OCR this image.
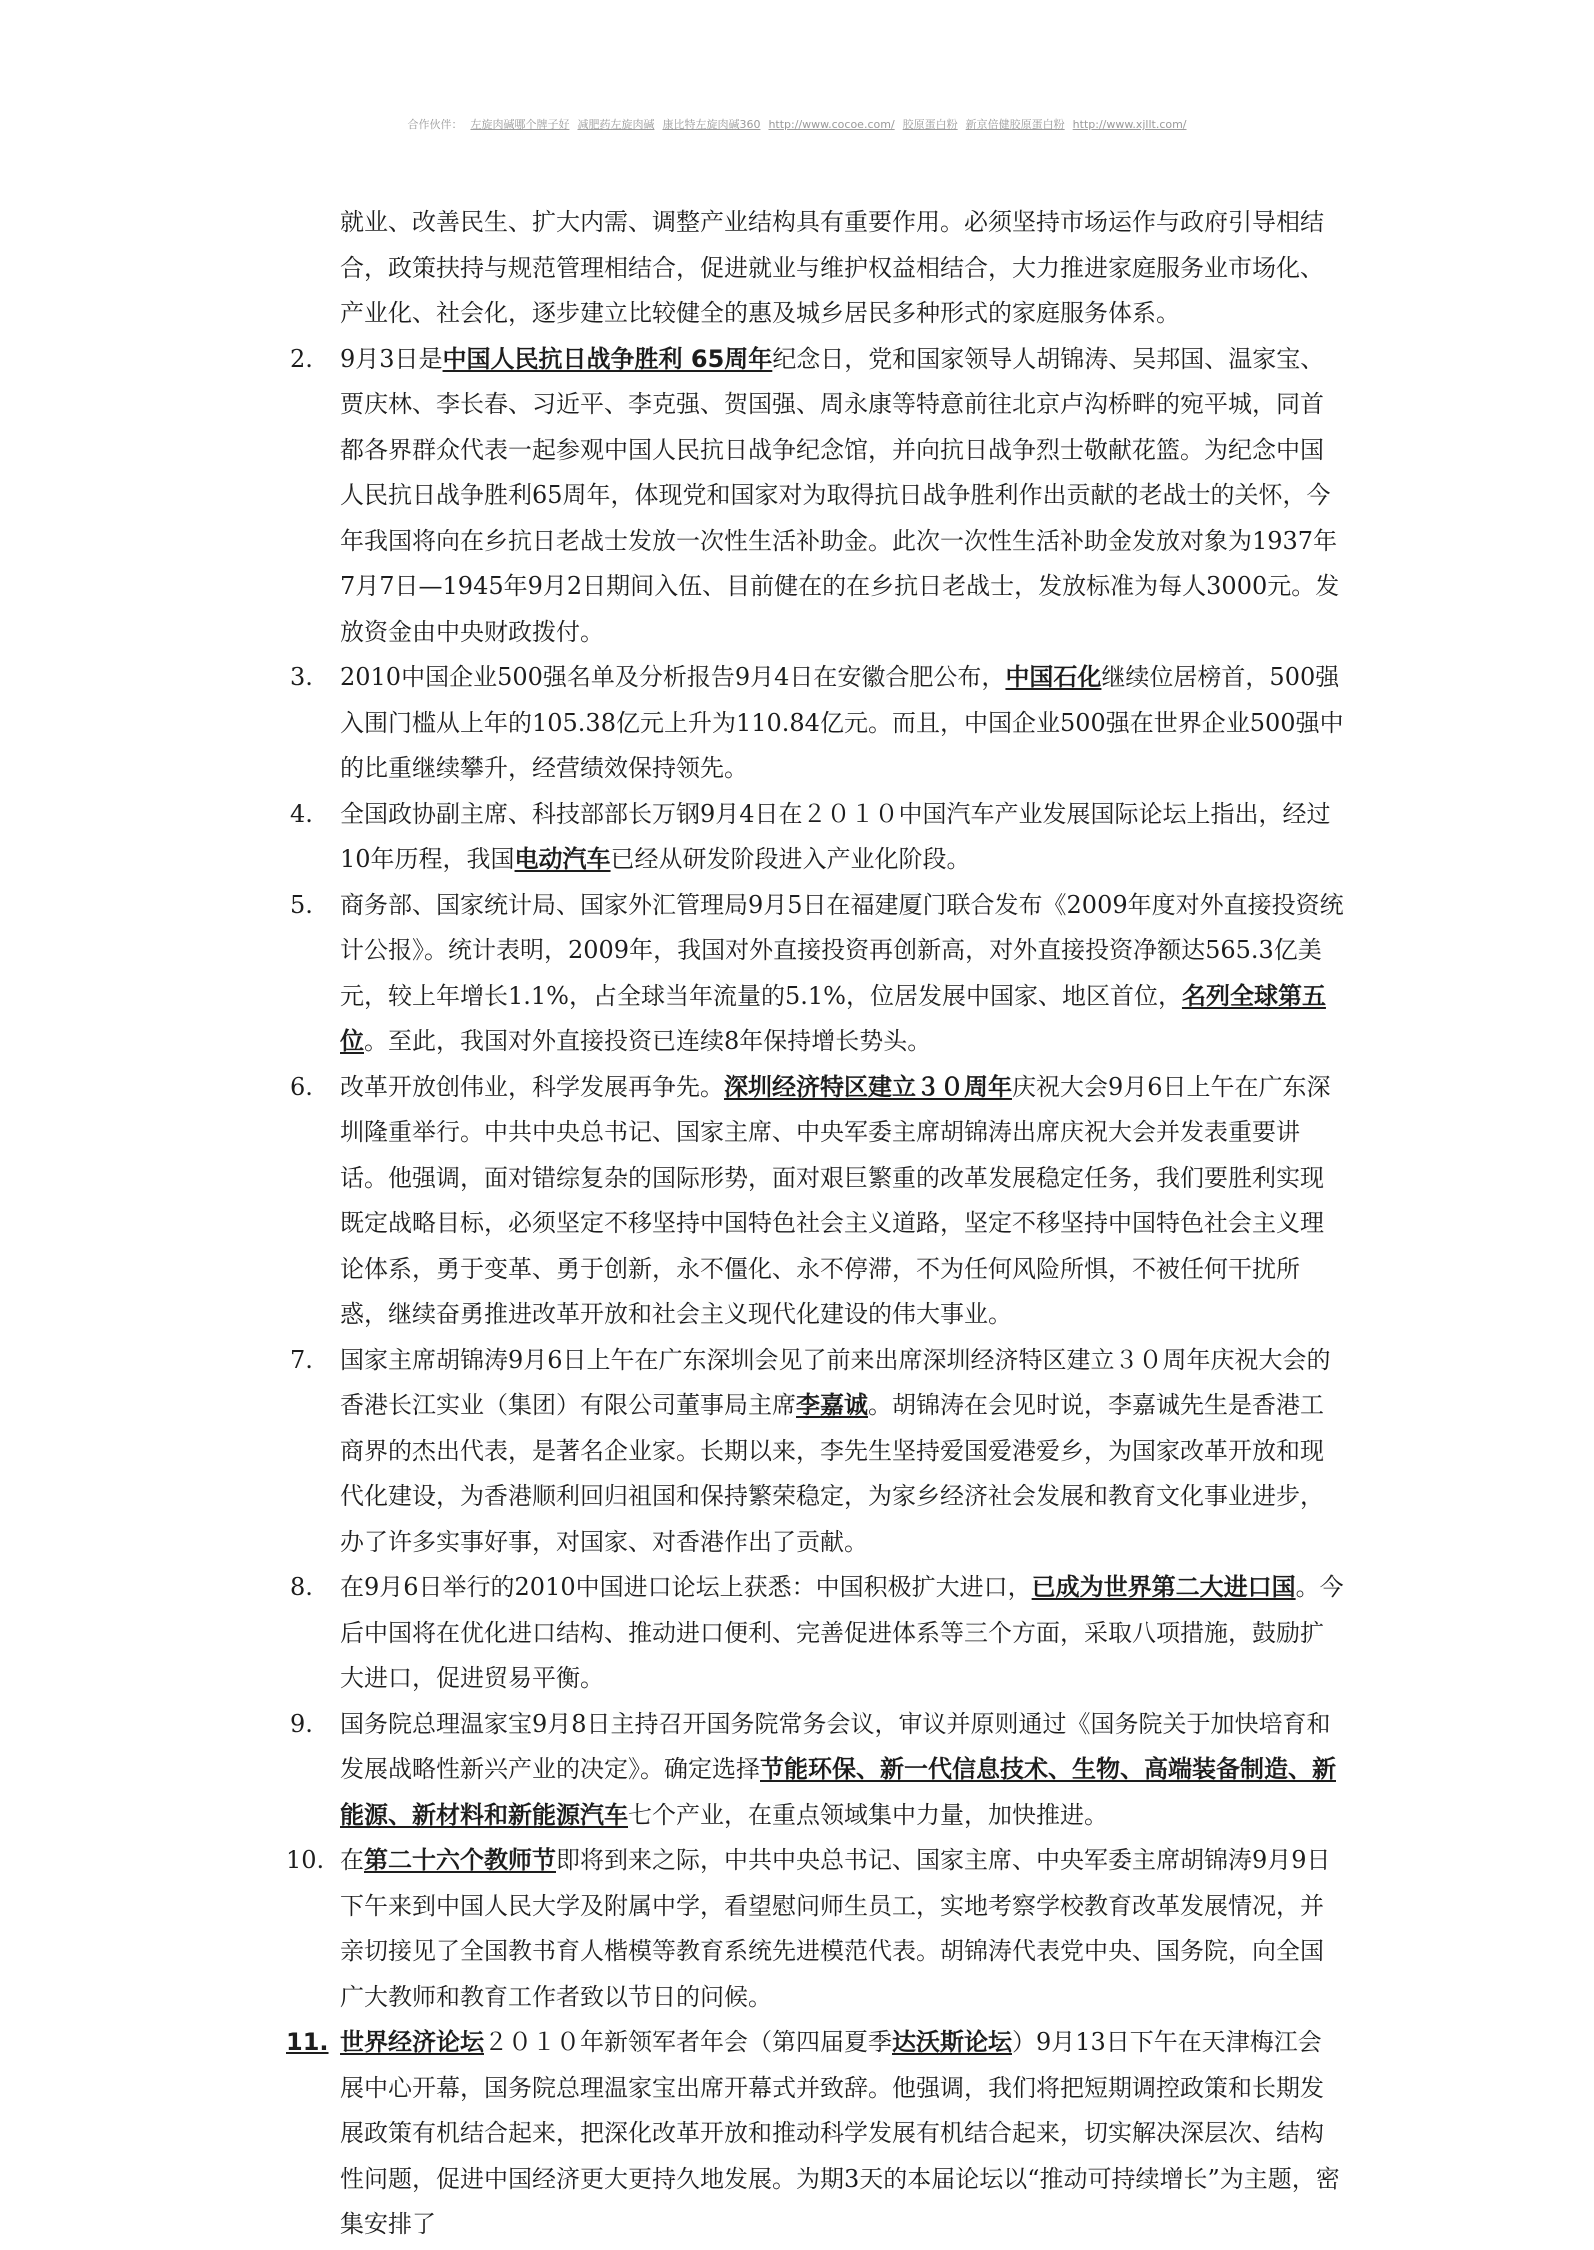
合作伙伴： 左旋肉碱哪个牌子好 减肥药左旋肉碱 康比特左旋肉碱360 http://www.cocoe.com/ 胶原蛋白粉 新京倍健胶原蛋白粉 http://www.xjllt.com/

就业、改善民生、扩大内需、调整产业结构具有重要作用。必须坚持市场运作与政府引导相结合，政策扶持与规范管理相结合，促进就业与维护权益相结合，大力推进家庭服务业市场化、产业化、社会化，逐步建立比较健全的惠及城乡居民多种形式的家庭服务体系。

2. 9月3日是中国人民抗日战争胜利 65周年纪念日，党和国家领导人胡锦涛、吴邦国、温家宝、贾庆林、李长春、习近平、李克强、贺国强、周永康等特意前往北京卢沟桥畔的宛平城，同首都各界群众代表一起参观中国人民抗日战争纪念馆，并向抗日战争烈士敬献花篮。为纪念中国人民抗日战争胜利65周年，体现党和国家对为取得抗日战争胜利作出贡献的老战士的关怀，今年我国将向在乡抗日老战士发放一次性生活补助金。此次一次性生活补助金发放对象为1937年7月7日—1945年9月2日期间入伍、目前健在的在乡抗日老战士，发放标准为每人3000元。发放资金由中央财政拨付。

3. 2010中国企业500强名单及分析报告9月4日在安徽合肥公布，中国石化继续位居榜首，500强入围门槛从上年的105.38亿元上升为110.84亿元。而且，中国企业500强在世界企业500强中的比重继续攀升，经营绩效保持领先。

4. 全国政协副主席、科技部部长万钢9月4日在２０１０中国汽车产业发展国际论坛上指出，经过10年历程，我国电动汽车已经从研发阶段进入产业化阶段。

5. 商务部、国家统计局、国家外汇管理局9月5日在福建厦门联合发布《2009年度对外直接投资统计公报》。统计表明，2009年，我国对外直接投资再创新高，对外直接投资净额达565.3亿美元，较上年增长1.1%，占全球当年流量的5.1%，位居发展中国家、地区首位，名列全球第五位。至此，我国对外直接投资已连续8年保持增长势头。

6. 改革开放创伟业，科学发展再争先。深圳经济特区建立３０周年庆祝大会9月6日上午在广东深圳隆重举行。中共中央总书记、国家主席、中央军委主席胡锦涛出席庆祝大会并发表重要讲话。他强调，面对错综复杂的国际形势，面对艰巨繁重的改革发展稳定任务，我们要胜利实现既定战略目标，必须坚定不移坚持中国特色社会主义道路，坚定不移坚持中国特色社会主义理论体系，勇于变革、勇于创新，永不僵化、永不停滞，不为任何风险所惧，不被任何干扰所惑，继续奋勇推进改革开放和社会主义现代化建设的伟大事业。

7. 国家主席胡锦涛9月6日上午在广东深圳会见了前来出席深圳经济特区建立３０周年庆祝大会的香港长江实业（集团）有限公司董事局主席李嘉诚。胡锦涛在会见时说，李嘉诚先生是香港工商界的杰出代表，是著名企业家。长期以来，李先生坚持爱国爱港爱乡，为国家改革开放和现代化建设，为香港顺利回归祖国和保持繁荣稳定，为家乡经济社会发展和教育文化事业进步，办了许多实事好事，对国家、对香港作出了贡献。

8. 在9月6日举行的2010中国进口论坛上获悉：中国积极扩大进口，已成为世界第二大进口国。今后中国将在优化进口结构、推动进口便利、完善促进体系等三个方面，采取八项措施，鼓励扩大进口，促进贸易平衡。

9. 国务院总理温家宝9月8日主持召开国务院常务会议，审议并原则通过《国务院关于加快培育和发展战略性新兴产业的决定》。确定选择节能环保、新一代信息技术、生物、高端装备制造、新能源、新材料和新能源汽车七个产业，在重点领域集中力量，加快推进。

10. 在第二十六个教师节即将到来之际，中共中央总书记、国家主席、中央军委主席胡锦涛9月9日下午来到中国人民大学及附属中学，看望慰问师生员工，实地考察学校教育改革发展情况，并亲切接见了全国教书育人楷模等教育系统先进模范代表。胡锦涛代表党中央、国务院，向全国广大教师和教育工作者致以节日的问候。

11. 世界经济论坛２０１０年新领军者年会（第四届夏季达沃斯论坛）9月13日下午在天津梅江会展中心开幕，国务院总理温家宝出席开幕式并致辞。他强调，我们将把短期调控政策和长期发展政策有机结合起来，把深化改革开放和推动科学发展有机结合起来，切实解决深层次、结构性问题，促进中国经济更大更持久地发展。为期3天的本届论坛以“推动可持续增长”为主题，密集安排了
